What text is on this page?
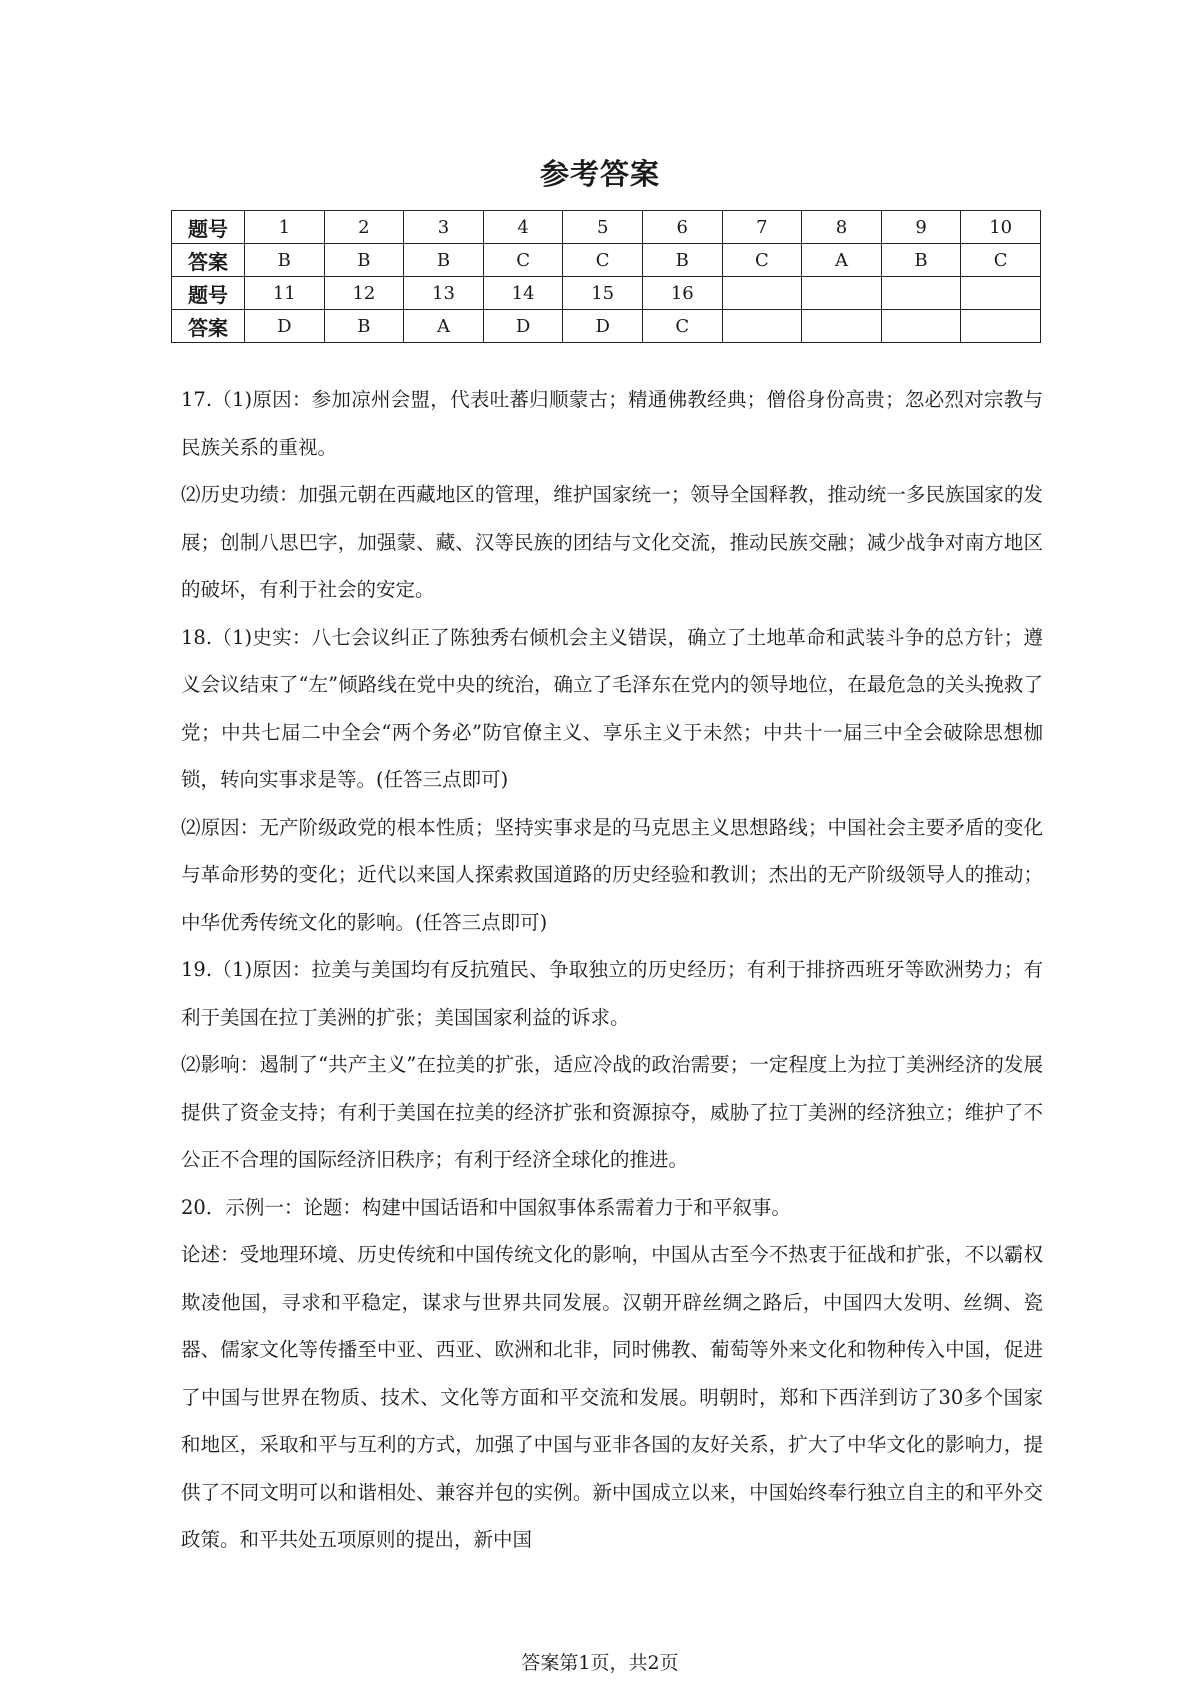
参考答案
题号	1	2	3	4	5	6	7	8	9	10
答案	B	B	B	C	C	B	C	A	B	C
题号	11	12	13	14	15	16				
答案	D	B	A	D	D	C				

17.（1)原因：参加凉州会盟，代表吐蕃归顺蒙古；精通佛教经典；僧俗身份高贵；忽必烈对宗教与民族关系的重视。

⑵历史功绩：加强元朝在西藏地区的管理，维护国家统一；领导全国释教，推动统一多民族国家的发展；创制八思巴字，加强蒙、藏、汉等民族的团结与文化交流，推动民族交融；减少战争对南方地区的破坏，有利于社会的安定。

18.（1)史实：八七会议纠正了陈独秀右倾机会主义错误，确立了土地革命和武装斗争的总方针；遵义会议结束了“左”倾路线在党中央的统治，确立了毛泽东在党内的领导地位，在最危急的关头挽救了党；中共七届二中全会“两个务必”防官僚主义、享乐主义于未然；中共十一届三中全会破除思想枷锁，转向实事求是等。(任答三点即可)

⑵原因：无产阶级政党的根本性质；坚持实事求是的马克思主义思想路线；中国社会主要矛盾的变化与革命形势的变化；近代以来国人探索救国道路的历史经验和教训；杰出的无产阶级领导人的推动；中华优秀传统文化的影响。(任答三点即可)

19.（1)原因：拉美与美国均有反抗殖民、争取独立的历史经历；有利于排挤西班牙等欧洲势力；有利于美国在拉丁美洲的扩张；美国国家利益的诉求。

⑵影响：遏制了“共产主义”在拉美的扩张，适应冷战的政治需要；一定程度上为拉丁美洲经济的发展提供了资金支持；有利于美国在拉美的经济扩张和资源掠夺，威胁了拉丁美洲的经济独立；维护了不公正不合理的国际经济旧秩序；有利于经济全球化的推进。

20．示例一：论题：构建中国话语和中国叙事体系需着力于和平叙事。

论述：受地理环境、历史传统和中国传统文化的影响，中国从古至今不热衷于征战和扩张，不以霸权欺凌他国，寻求和平稳定，谋求与世界共同发展。汉朝开辟丝绸之路后，中国四大发明、丝绸、瓷器、儒家文化等传播至中亚、西亚、欧洲和北非，同时佛教、葡萄等外来文化和物种传入中国，促进了中国与世界在物质、技术、文化等方面和平交流和发展。明朝时，郑和下西洋到访了30多个国家和地区，采取和平与互利的方式，加强了中国与亚非各国的友好关系，扩大了中华文化的影响力，提供了不同文明可以和谐相处、兼容并包的实例。新中国成立以来，中国始终奉行独立自主的和平外交政策。和平共处五项原则的提出，新中国

答案第1页，共2页
